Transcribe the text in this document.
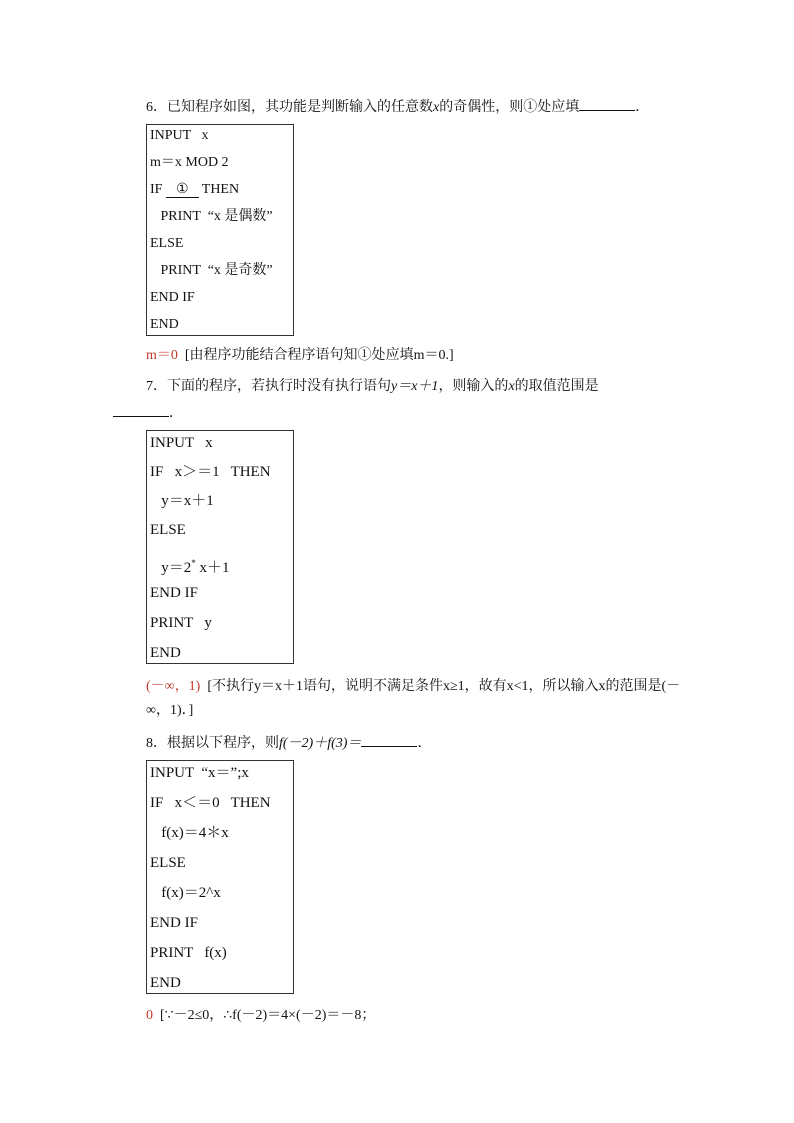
6．已知程序如图，其功能是判断输入的任意数x的奇偶性，则①处应填	．
INPUT   x
m＝x MOD 2
IF ① THEN
PRINT  “x 是偶数”
ELSE
PRINT  “x 是奇数”
END IF
END
m＝0 [由程序功能结合程序语句知①处应填m＝0.]
7．下面的程序，若执行时没有执行语句y＝x＋1，则输入的x的取值范围是
．
INPUT   x
IF   x＞＝1   THEN
y＝x＋1
ELSE
y＝2* x＋1
END IF
PRINT   y
END
(－∞，1) [不执行y＝x＋1语句，说明不满足条件x≥1，故有x<1，所以输入x的范围是(－∞，1)．]
8．根据以下程序，则f(－2)＋f(3)＝	．
INPUT  “x＝”;x
IF   x＜＝0   THEN
f(x)＝4＊x
ELSE
f(x)＝2^x
END IF
PRINT   f(x)
END
0 [∵－2≤0，∴f(－2)＝4×(－2)＝－8；
